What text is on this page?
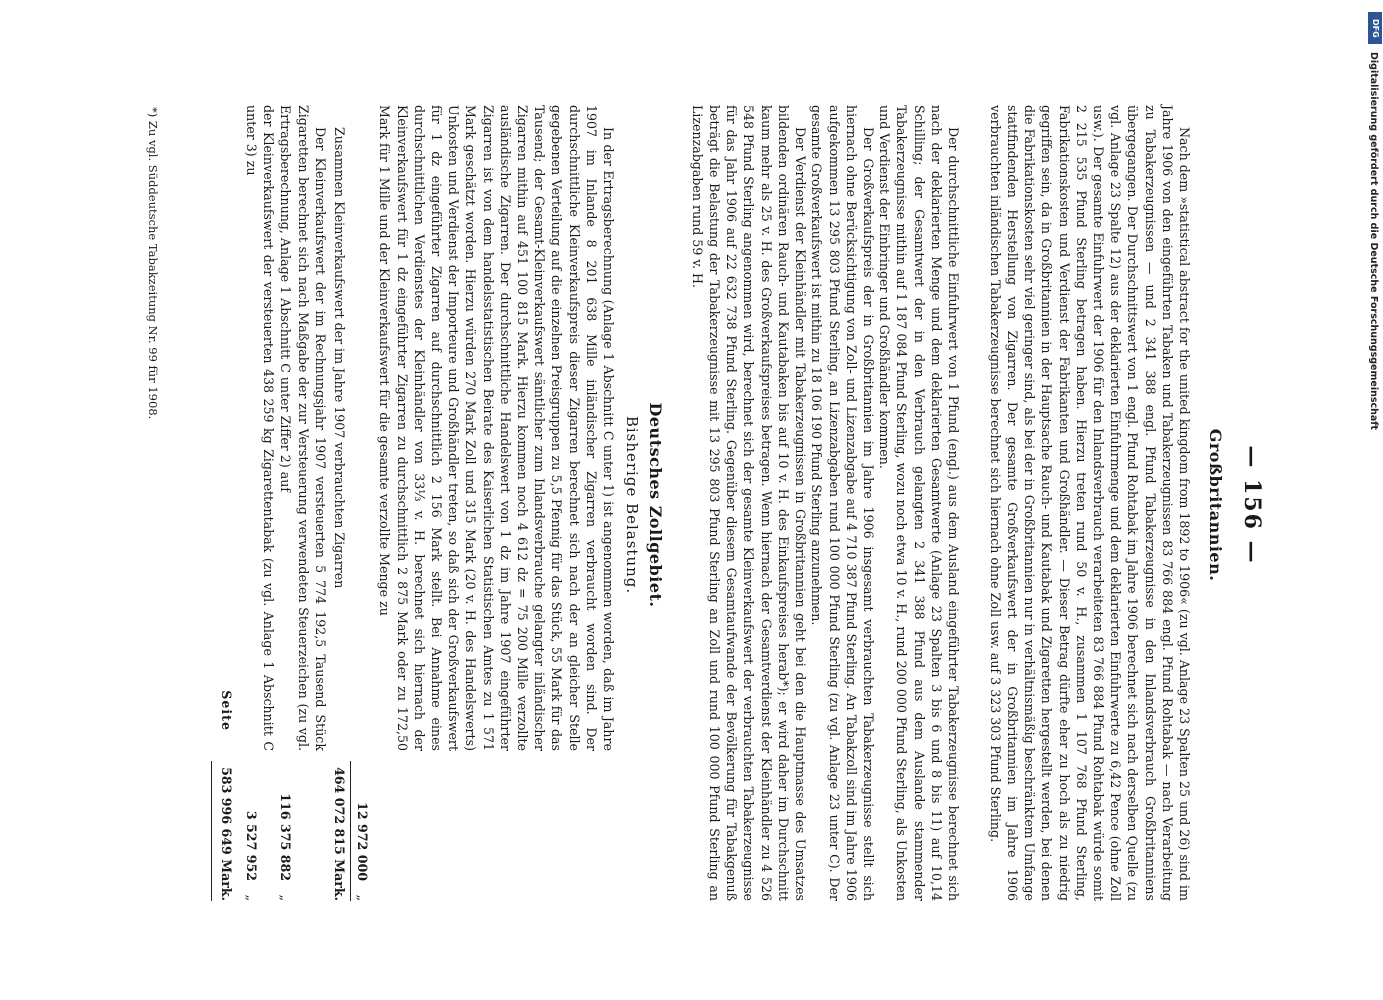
— 156 —
Großbritannien.
Nach dem »statistical abstract for the united kingdom from 1892 to 1906« (zu vgl. Anlage 23 Spalten 25 und 26) sind im Jahre 1906 von den eingeführten Tabaken und Tabakerzeugnissen 83 766 884 engl. Pfund Rohtabak — nach Verarbeitung zu Tabakerzeugnissen — und 2 341 388 engl. Pfund Tabakerzeugnisse in den Inlandsverbrauch Großbritanniens übergegangen. Der Durchschnittswert von 1 engl. Pfund Rohtabak im Jahre 1906 berechnet sich nach derselben Quelle (zu vgl. Anlage 23 Spalte 12) aus der deklarierten Einfuhrmenge und dem deklarierten Einfuhrwerte zu 6,42 Pence (ohne Zoll usw.). Der gesamte Einfuhrwert der 1906 für den Inlandsverbrauch verarbeiteten 83 766 884 Pfund Rohtabak würde somit 2 215 535 Pfund Sterling betragen haben. Hierzu treten rund 50 v. H., zusammen 1 107 768 Pfund Sterling, Fabrikationskosten und Verdienst der Fabrikanten und Großhändler. — Dieser Betrag dürfte eher zu hoch als zu niedrig gegriffen sein, da in Großbritannien in der Hauptsache Rauch- und Kautabak und Zigaretten hergestellt werden, bei denen die Fabrikationskosten sehr viel geringer sind, als bei der in Großbritannien nur in verhältnismäßig beschränktem Umfange stattfindenden Herstellung von Zigarren. Der gesamte Großverkaufswert der in Großbritannien im Jahre 1906 verbrauchten inländischen Tabakerzeugnisse berechnet sich hiernach ohne Zoll usw. auf 3 323 303 Pfund Sterling.
Der durchschnittliche Einfuhrwert von 1 Pfund (engl.) aus dem Ausland eingeführter Tabakerzeugnisse berechnet sich nach der deklarierten Menge und dem deklarierten Gesamtwerte (Anlage 23 Spalten 3 bis 6 und 8 bis 11) auf 10,14 Schilling; der Gesamtwert der in den Verbrauch gelangten 2 341 388 Pfund aus dem Auslande stammender Tabakerzeugnisse mithin auf 1 187 084 Pfund Sterling, wozu noch etwa 10 v. H., rund 200 000 Pfund Sterling, als Unkosten und Verdienst der Einbringer und Großhändler kommen.
Der Großverkaufspreis der in Großbritannien im Jahre 1906 insgesamt verbrauchten Tabakerzeugnisse stellt sich hiernach ohne Berücksichtigung von Zoll- und Lizenzabgabe auf 4 710 387 Pfund Sterling. An Tabakzoll sind im Jahre 1906 aufgekommen 13 295 803 Pfund Sterling, an Lizenzabgaben rund 100 000 Pfund Sterling (zu vgl. Anlage 23 unter C). Der gesamte Großverkaufswert ist mithin zu 18 106 190 Pfund Sterling anzunehmen.
Der Verdienst der Kleinhändler mit Tabakerzeugnissen in Großbritannien geht bei den die Hauptmasse des Umsatzes bildenden ordinären Rauch- und Kautabaken bis auf 10 v. H. des Einkaufspreises herab*); er wird daher im Durchschnitt kaum mehr als 25 v. H. des Großverkaufspreises betragen. Wenn hiernach der Gesamtverdienst der Kleinhändler zu 4 526 548 Pfund Sterling angenommen wird, berechnet sich der gesamte Kleinverkaufswert der verbrauchten Tabakerzeugnisse für das Jahr 1906 auf 22 632 738 Pfund Sterling. Gegenüber diesem Gesamtaufwande der Bevölkerung für Tabakgenuß beträgt die Belastung der Tabakerzeugnisse mit 13 295 803 Pfund Sterling an Zoll und rund 100 000 Pfund Sterling an Lizenzabgaben rund 59 v. H.
Deutsches Zollgebiet.
Bisherige Belastung.
In der Ertragsberechnung (Anlage 1 Abschnitt C unter 1) ist angenommen worden, daß im Jahre 1907 im Inlande 8 201 638 Mille inländischer Zigarren verbraucht worden sind. Der durchschnittliche Kleinverkaufspreis dieser Zigarren berechnet sich nach der an gleicher Stelle gegebenen Verteilung auf die einzelnen Preisgruppen zu 5,5 Pfennig für das Stück, 55 Mark für das Tausend; der Gesamt-Kleinverkaufswert sämtlicher zum Inlandsverbrauche gelangter inländischer Zigarren mithin auf 451 100 815 Mark. Hierzu kommen noch 4 612 dz = 75 200 Mille verzollte ausländische Zigarren. Der durchschnittliche Handelswert von 1 dz im Jahre 1907 eingeführter Zigarren ist von dem handelsstatistischen Beirate des Kaiserlichen Statistischen Amtes zu 1 571 Mark geschätzt worden. Hierzu würden 270 Mark Zoll und 315 Mark (20 v. H. des Handelswerts) Unkosten und Verdienst der Importeure und Großhändler treten, so daß sich der Großverkaufswert für 1 dz eingeführter Zigarren auf durchschnittlich 2 156 Mark stellt. Bei Annahme eines durchschnittlichen Verdienstes der Kleinhändler von 33⅓ v. H. berechnet sich hiernach der Kleinverkaufswert für 1 dz eingeführter Zigarren zu durchschnittlich 2 875 Mark oder zu 172,50 Mark für 1 Mille und der Kleinverkaufswert für die gesamte verzollte Menge zu
12 972 000
„
Zusammen Kleinverkaufswert der im Jahre 1907 verbrauchten Zigarren
464 072 815 Mark.
Der Kleinverkaufswert der im Rechnungsjahr 1907 versteuerten 5 774 192,5 Tausend Stück Zigaretten berechnet sich nach Maßgabe der zur Versteuerung verwendeten Steuerzeichen (zu vgl. Ertragsberechnung, Anlage 1 Abschnitt C unter Ziffer 2) auf
116 375 882
„
der Kleinverkaufswert der versteuerten 438 259 kg Zigarettentabak (zu vgl. Anlage 1 Abschnitt C unter 3) zu
3 527 952
„
Seite
583 996 649 Mark.
*) Zu vgl. Süddeutsche Tabakzeitung Nr. 99 für 1908.
DFG
Digitalisierung gefördert durch die Deutsche Forschungsgemeinschaft
